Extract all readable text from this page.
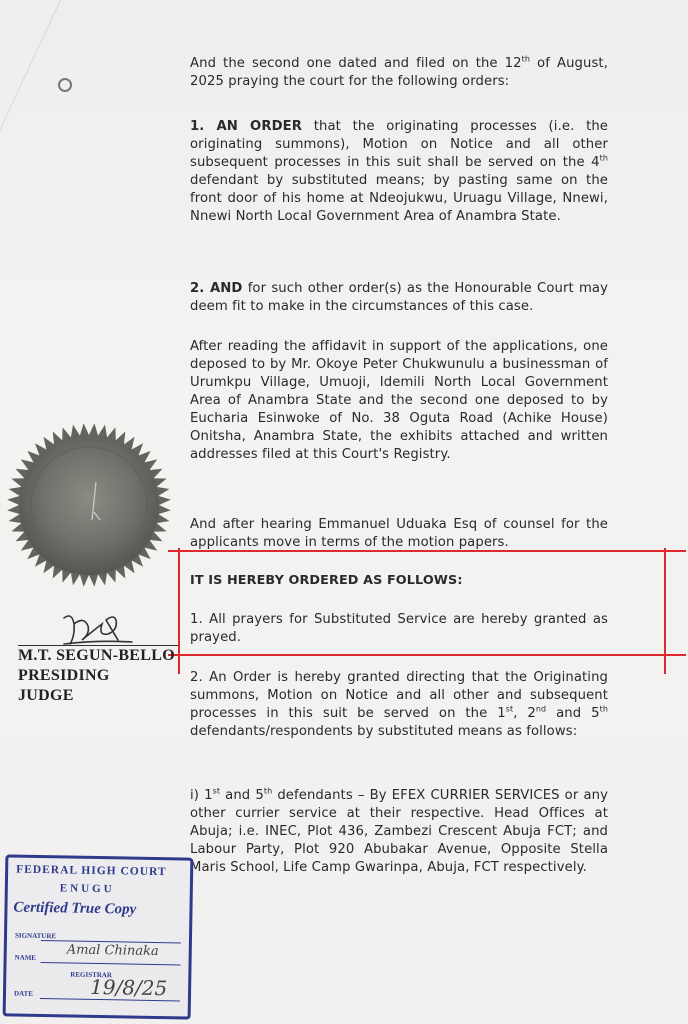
And the second one dated and filed on the 12th of August, 2025 praying the court for the following orders:
1. AN ORDER that the originating processes (i.e. the originating summons), Motion on Notice and all other subsequent processes in this suit shall be served on the 4th defendant by substituted means; by pasting same on the front door of his home at Ndeojukwu, Uruagu Village, Nnewi, Nnewi North Local Government Area of Anambra State.
2. AND for such other order(s) as the Honourable Court may deem fit to make in the circumstances of this case.
After reading the affidavit in support of the applications, one deposed to by Mr. Okoye Peter Chukwunulu a businessman of Urumkpu Village, Umuoji, Idemili North Local Government Area of Anambra State and the second one deposed to by Eucharia Esinwoke of No. 38 Oguta Road (Achike House) Onitsha, Anambra State, the exhibits attached and written addresses filed at this Court's Registry.
And after hearing Emmanuel Uduaka Esq of counsel for the applicants move in terms of the motion papers.
IT IS HEREBY ORDERED AS FOLLOWS:
1. All prayers for Substituted Service are hereby granted as prayed.
2. An Order is hereby granted directing that the Originating summons, Motion on Notice and all other and subsequent processes in this suit be served on the 1st, 2nd and 5th defendants/respondents by substituted means as follows:
i) 1st and 5th defendants – By EFEX CURRIER SERVICES or any other currier service at their respective. Head Offices at Abuja; i.e. INEC, Plot 436, Zambezi Crescent Abuja FCT; and Labour Party, Plot 920 Abubakar Avenue, Opposite Stella Maris School, Life Camp Gwarinpa, Abuja, FCT respectively.
M.T. SEGUN-BELLO
PRESIDING
JUDGE
FEDERAL HIGH COURT
ENUGU
Certified True Copy
SIGNATURE
NAME Amal Chinaka
REGISTRAR
DATE	19/8/25
